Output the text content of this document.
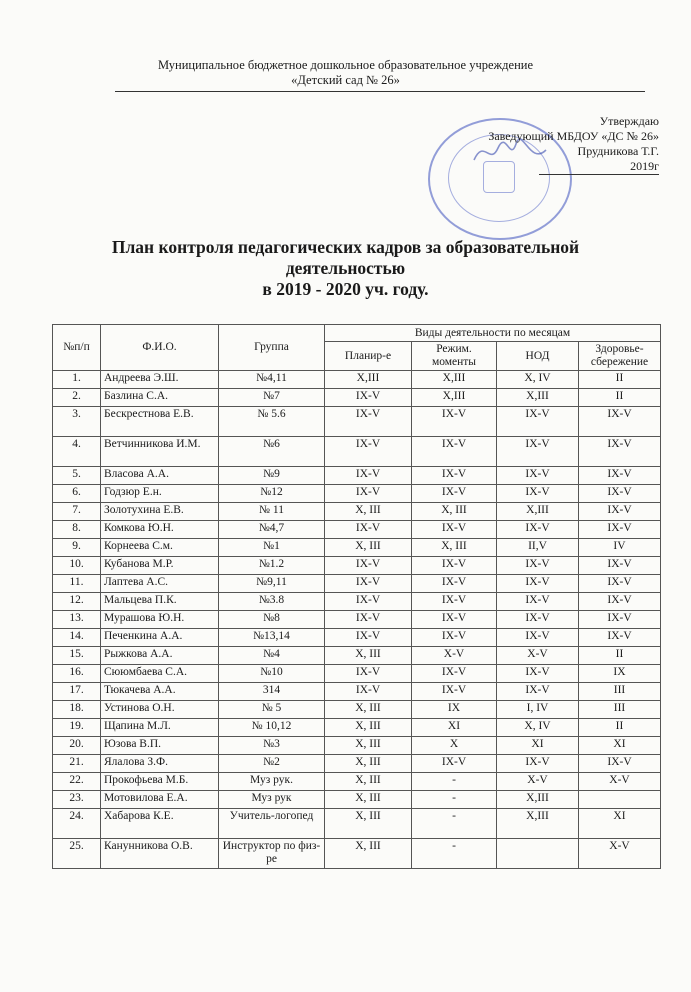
Муниципальное бюджетное дошкольное образовательное учреждение
«Детский сад № 26»
Утверждаю
Заведующий МБДОУ «ДС № 26»
Прудникова Т.Г.
2019г
План контроля педагогических кадров за образовательной
деятельностью
в 2019 - 2020 уч. году.
№п/п	Ф.И.О.	Группа	Виды деятельности по месяцам			
			Планир-е	Режим. моменты	НОД	Здоровье-сбережение
1.	Андреева Э.Ш.	№4,11	X,III	X,III	X, IV	II
2.	Базлина С.А.	№7	IX-V	X,III	X,III	II
3.	Бескрестнова Е.В.	№ 5.6	IX-V	IX-V	IX-V	IX-V
4.	Ветчинникова И.М.	№6	IX-V	IX-V	IX-V	IX-V
5.	Власова А.А.	№9	IX-V	IX-V	IX-V	IX-V
6.	Годзюр Е.н.	№12	IX-V	IX-V	IX-V	IX-V
7.	Золотухина Е.В.	№ 11	X, III	X, III	X,III	IX-V
8.	Комкова Ю.Н.	№4,7	IX-V	IX-V	IX-V	IX-V
9.	Корнеева С.м.	№1	X, III	X, III	II,V	IV
10.	Кубанова М.Р.	№1.2	IX-V	IX-V	IX-V	IX-V
11.	Лаптева А.С.	№9,11	IX-V	IX-V	IX-V	IX-V
12.	Мальцева П.К.	№3.8	IX-V	IX-V	IX-V	IX-V
13.	Мурашова Ю.Н.	№8	IX-V	IX-V	IX-V	IX-V
14.	Печенкина А.А.	№13,14	IX-V	IX-V	IX-V	IX-V
15.	Рыжкова А.А.	№4	X, III	X-V	X-V	II
16.	Сююмбаева С.А.	№10	IX-V	IX-V	IX-V	IX
17.	Тюкачева А.А.	314	IX-V	IX-V	IX-V	III
18.	Устинова О.Н.	№ 5	X, III	IX	I, IV	III
19.	Щапина М.Л.	№ 10,12	X, III	XI	X, IV	II
20.	Юзова В.П.	№3	X, III	X	XI	XI
21.	Ялалова З.Ф.	№2	X, III	IX-V	IX-V	IX-V
22.	Прокофьева М.Б.	Муз рук.	X, III	-	X-V	X-V
23.	Мотовилова Е.А.	Муз рук	X, III	-	X,III	
24.	Хабарова К.Е.	Учитель-логопед	X, III	-	X,III	XI
25.	Канунникова О.В.	Инструктор по физ-ре	X, III	-		X-V
